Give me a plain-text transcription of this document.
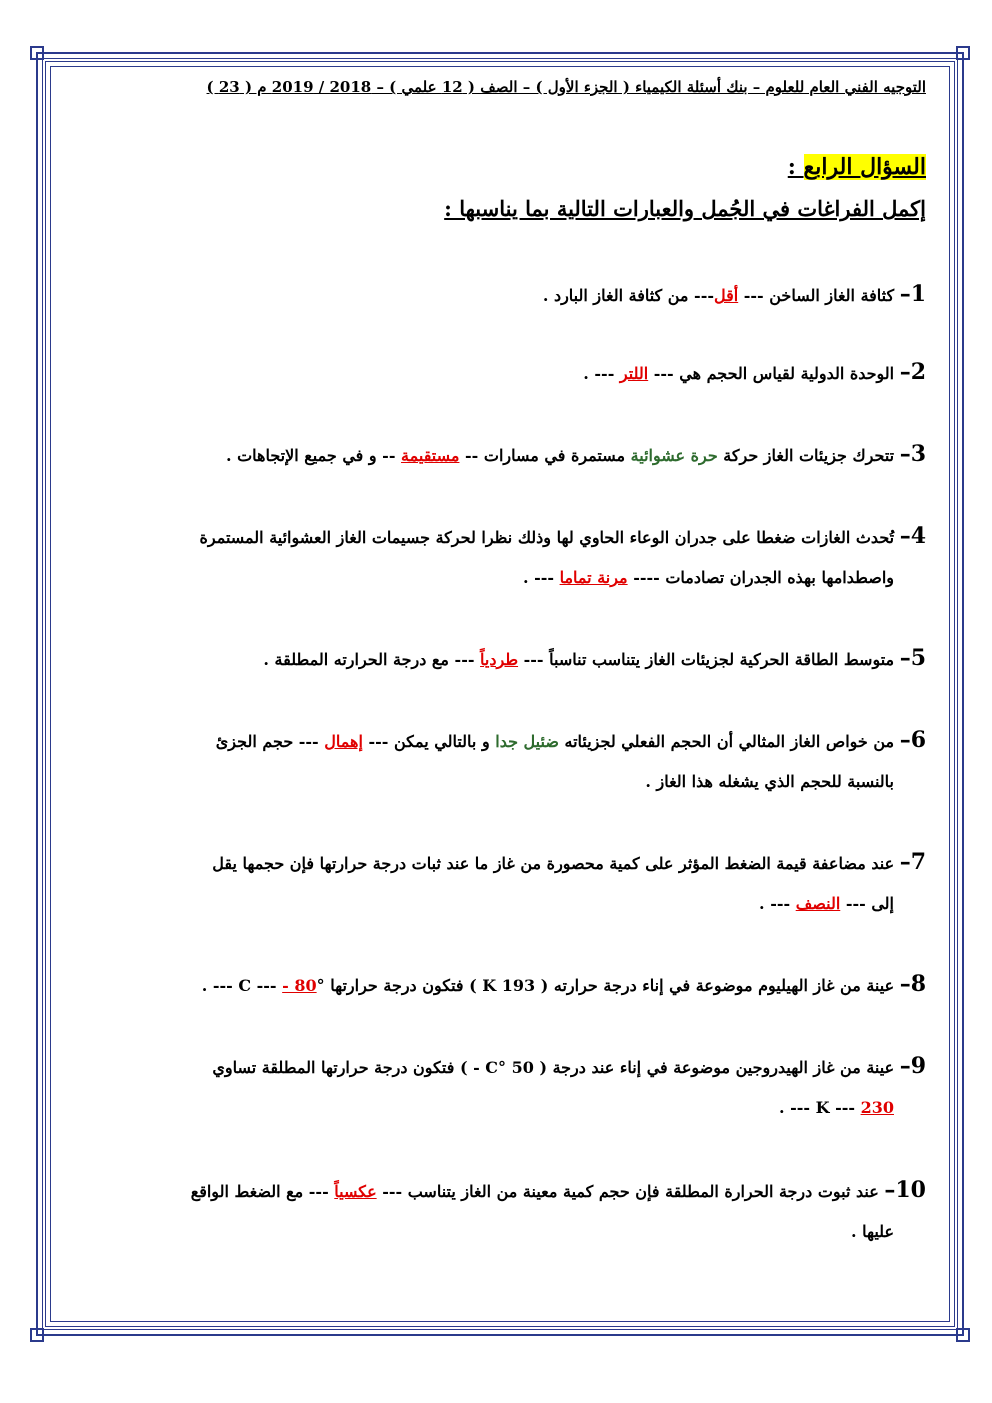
التوجيه الفني العام للعلوم – بنك أسئلة الكيمياء ( الجزء الأول ) – الصف ( 12 علمي ) – 2018 / 2019 م ( 23 )
السؤال الرابع :
إكمل الفراغات في الجُمل والعبارات التالية بما يناسبها :
1– كثافة الغاز الساخن --- أقل--- من كثافة الغاز البارد .
2– الوحدة الدولية لقياس الحجم هي --- اللتر --- .
3– تتحرك جزيئات الغاز حركة حرة عشوائية مستمرة في مسارات -- مستقيمة -- و في جميع الإتجاهات .
4– تُحدث الغازات ضغطا على جدران الوعاء الحاوي لها وذلك نظرا لحركة جسيمات الغاز العشوائية المستمرة
واصطدامها بهذه الجدران تصادمات ---- مرنة تماما --- .
5– متوسط الطاقة الحركية لجزيئات الغاز يتناسب تناسباً --- طردياً --- مع درجة الحرارته المطلقة .
6– من خواص الغاز المثالي أن الحجم الفعلي لجزيئاته ضئيل جدا و بالتالي يمكن --- إهمال --- حجم الجزئ
بالنسبة للحجم الذي يشغله هذا الغاز .
7– عند مضاعفة قيمة الضغط المؤثر على كمية محصورة من غاز ما عند ثبات درجة حرارتها فإن حجمها يقل
إلى --- النصف --- .
8– عينة من غاز الهيليوم موضوعة في إناء درجة حرارته ( 193 K ) فتكون درجة حرارتها °C --- - 80 --- .
9– عينة من غاز الهيدروجين موضوعة في إناء عند درجة ( 50 °C - ) فتكون درجة حرارتها المطلقة تساوي
K --- 230 --- .
10– عند ثبوت درجة الحرارة المطلقة فإن حجم كمية معينة من الغاز يتناسب --- عكسياً --- مع الضغط الواقع
عليها .
